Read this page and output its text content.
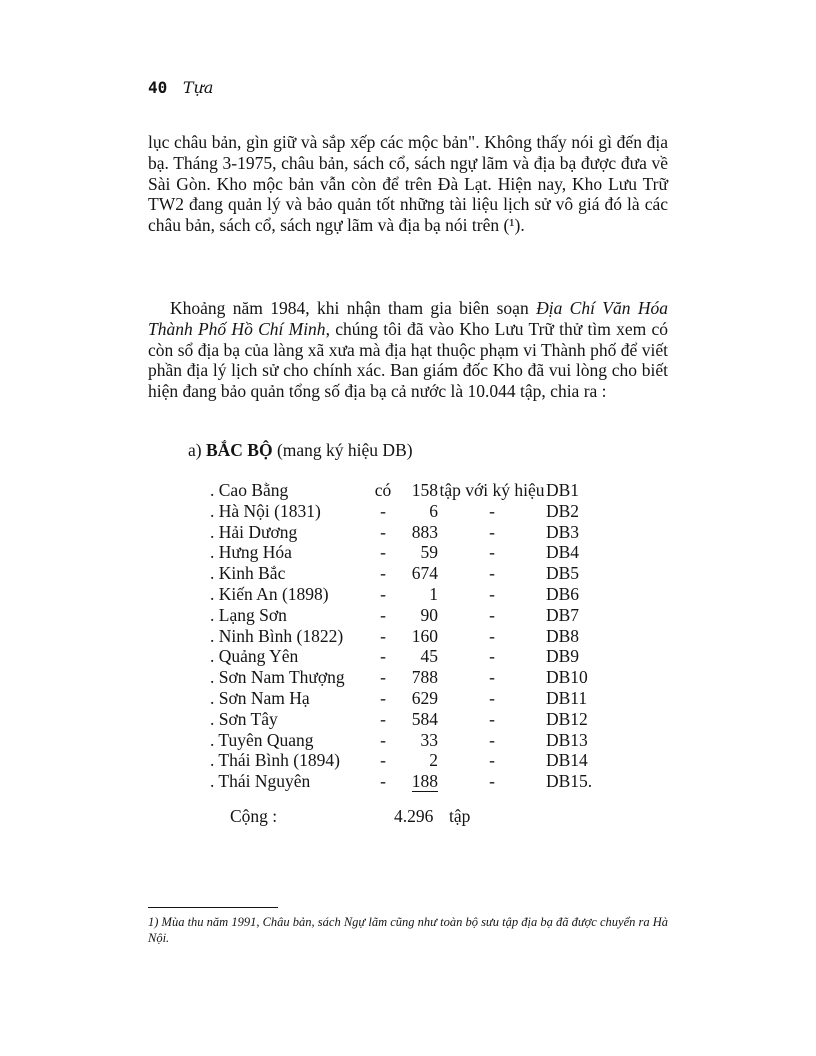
40 Tựa
lục châu bản, gìn giữ và sắp xếp các mộc bản". Không thấy nói gì đến địa bạ. Tháng 3-1975, châu bản, sách cổ, sách ngự lãm và địa bạ được đưa về Sài Gòn. Kho mộc bản vẫn còn để trên Đà Lạt. Hiện nay, Kho Lưu Trữ TW2 đang quản lý và bảo quản tốt những tài liệu lịch sử vô giá đó là các châu bản, sách cổ, sách ngự lãm và địa bạ nói trên (¹).
Khoảng năm 1984, khi nhận tham gia biên soạn Địa Chí Văn Hóa Thành Phố Hồ Chí Minh, chúng tôi đã vào Kho Lưu Trữ thử tìm xem có còn sổ địa bạ của làng xã xưa mà địa hạt thuộc phạm vi Thành phố để viết phần địa lý lịch sử cho chính xác. Ban giám đốc Kho đã vui lòng cho biết hiện đang bảo quản tổng số địa bạ cả nước là 10.044 tập, chia ra :
a) BẮC BỘ (mang ký hiệu DB)
. Cao Bằng	có	158	tập với ký hiệu	DB1
. Hà Nội (1831)	-	6	-	DB2
. Hải Dương	-	883	-	DB3
. Hưng Hóa	-	59	-	DB4
. Kinh Bắc	-	674	-	DB5
. Kiến An (1898)	-	1	-	DB6
. Lạng Sơn	-	90	-	DB7
. Ninh Bình (1822)	-	160	-	DB8
. Quảng Yên	-	45	-	DB9
. Sơn Nam Thượng	-	788	-	DB10
. Sơn Nam Hạ	-	629	-	DB11
. Sơn Tây	-	584	-	DB12
. Tuyên Quang	-	33	-	DB13
. Thái Bình (1894)	-	2	-	DB14
. Thái Nguyên	-	188	-	DB15.
Cộng :	4.296 tập
1) Mùa thu năm 1991, Châu bản, sách Ngự lãm cũng như toàn bộ sưu tập địa bạ đã được chuyển ra Hà Nội.
